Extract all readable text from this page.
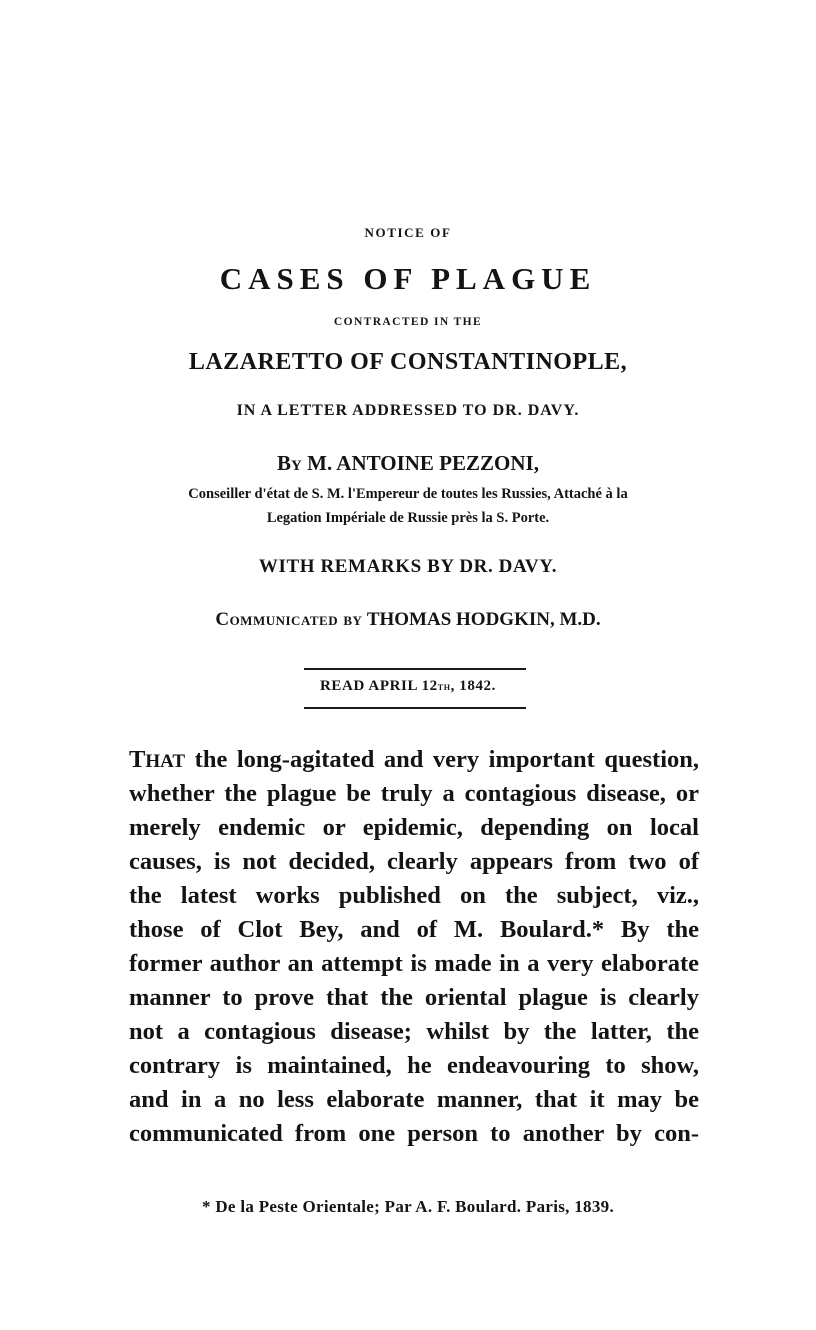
NOTICE OF
CASES OF PLAGUE
CONTRACTED IN THE
LAZARETTO OF CONSTANTINOPLE,
IN A LETTER ADDRESSED TO DR. DAVY.
By M. ANTOINE PEZZONI,
Conseiller d'état de S. M. l'Empereur de toutes les Russies, Attaché à la
Legation Impériale de Russie près la S. Porte.
WITH REMARKS BY DR. DAVY.
Communicated by THOMAS HODGKIN, M.D.
READ APRIL 12th, 1842.
THAT the long-agitated and very important question,
whether the plague be truly a contagious disease, or
merely endemic or epidemic, depending on local
causes, is not decided, clearly appears from two of
the latest works published on the subject, viz.,
those of Clot Bey, and of M. Boulard.* By the
former author an attempt is made in a very elaborate
manner to prove that the oriental plague is clearly
not a contagious disease; whilst by the latter, the
contrary is maintained, he endeavouring to show,
and in a no less elaborate manner, that it may be
communicated from one person to another by con-
* De la Peste Orientale; Par A. F. Boulard. Paris, 1839.
